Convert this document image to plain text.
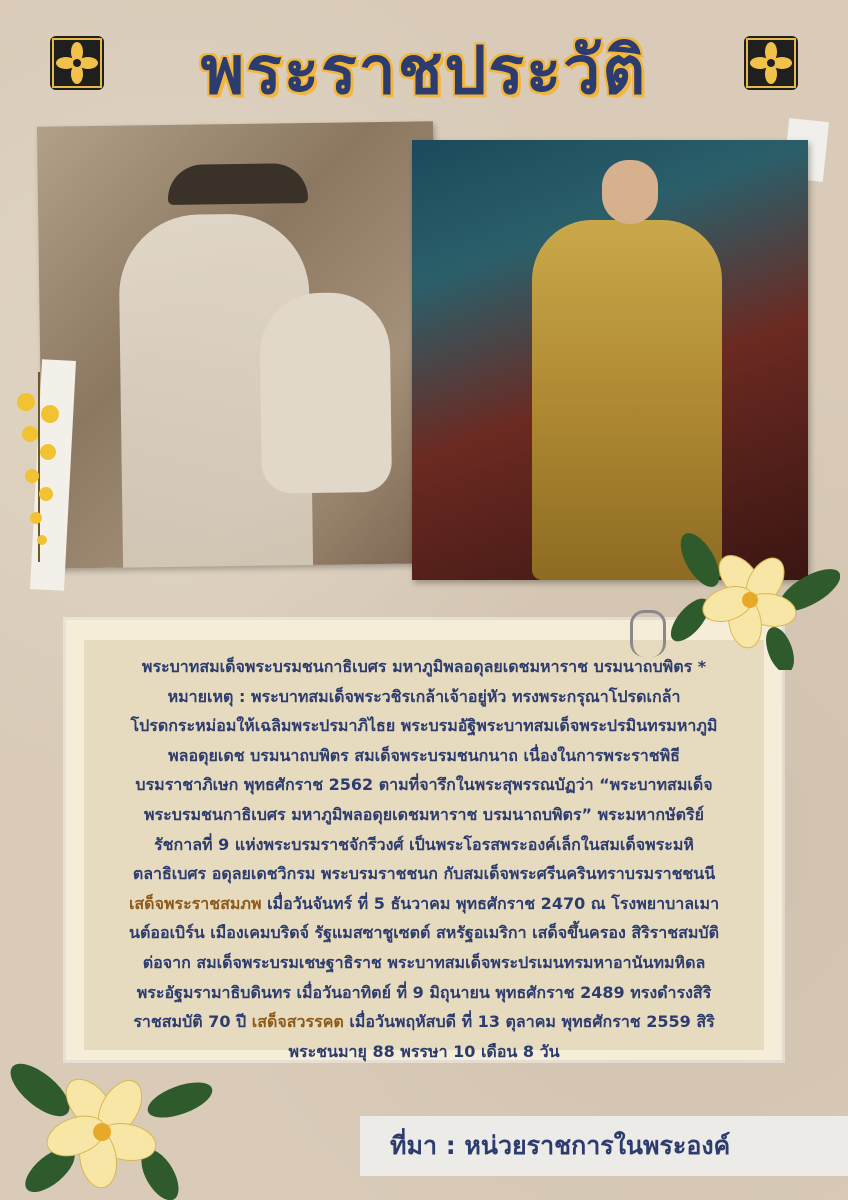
พระราชประวัติ
พระบาทสมเด็จพระบรมชนกาธิเบศร มหาภูมิพลอดุลยเดชมหาราช บรมนาถบพิตร *
หมายเหตุ : พระบาทสมเด็จพระวชิรเกล้าเจ้าอยู่หัว ทรงพระกรุณาโปรดเกล้า
โปรดกระหม่อมให้เฉลิมพระปรมาภิไธย พระบรมอัฐิพระบาทสมเด็จพระปรมินทรมหาภูมิ
พลอดุยเดช บรมนาถบพิตร สมเด็จพระบรมชนกนาถ เนื่องในการพระราชพิธี
บรมราชาภิเษก พุทธศักราช 2562 ตามที่จารึกในพระสุพรรณบัฏว่า “พระบาทสมเด็จ
พระบรมชนกาธิเบศร มหาภูมิพลอดุยเดชมหาราช บรมนาถบพิตร” พระมหากษัตริย์
รัชกาลที่ 9 แห่งพระบรมราชจักรีวงศ์ เป็นพระโอรสพระองค์เล็กในสมเด็จพระมหิ
ตลาธิเบศร อดุลยเดชวิกรม พระบรมราชชนก กับสมเด็จพระศรีนครินทราบรมราชชนนี
เสด็จพระราชสมภพ เมื่อวันจันทร์ ที่ 5 ธันวาคม พุทธศักราช 2470 ณ โรงพยาบาลเมา
นต์ออเบิร์น เมืองเคมบริดจ์ รัฐแมสซาชูเซตต์ สหรัฐอเมริกา เสด็จขึ้นครอง สิริราชสมบัติ
ต่อจาก สมเด็จพระบรมเชษฐาธิราช พระบาทสมเด็จพระปรเมนทรมหาอานันทมหิดล
พระอัฐมรามาธิบดินทร เมื่อวันอาทิตย์ ที่ 9 มิถุนายน พุทธศักราช 2489 ทรงดำรงสิริ
ราชสมบัติ 70 ปี เสด็จสวรรคต เมื่อวันพฤหัสบดี ที่ 13 ตุลาคม พุทธศักราช 2559 สิริ
พระชนมายุ 88 พรรษา 10 เดือน 8 วัน
ที่มา : หน่วยราชการในพระองค์
